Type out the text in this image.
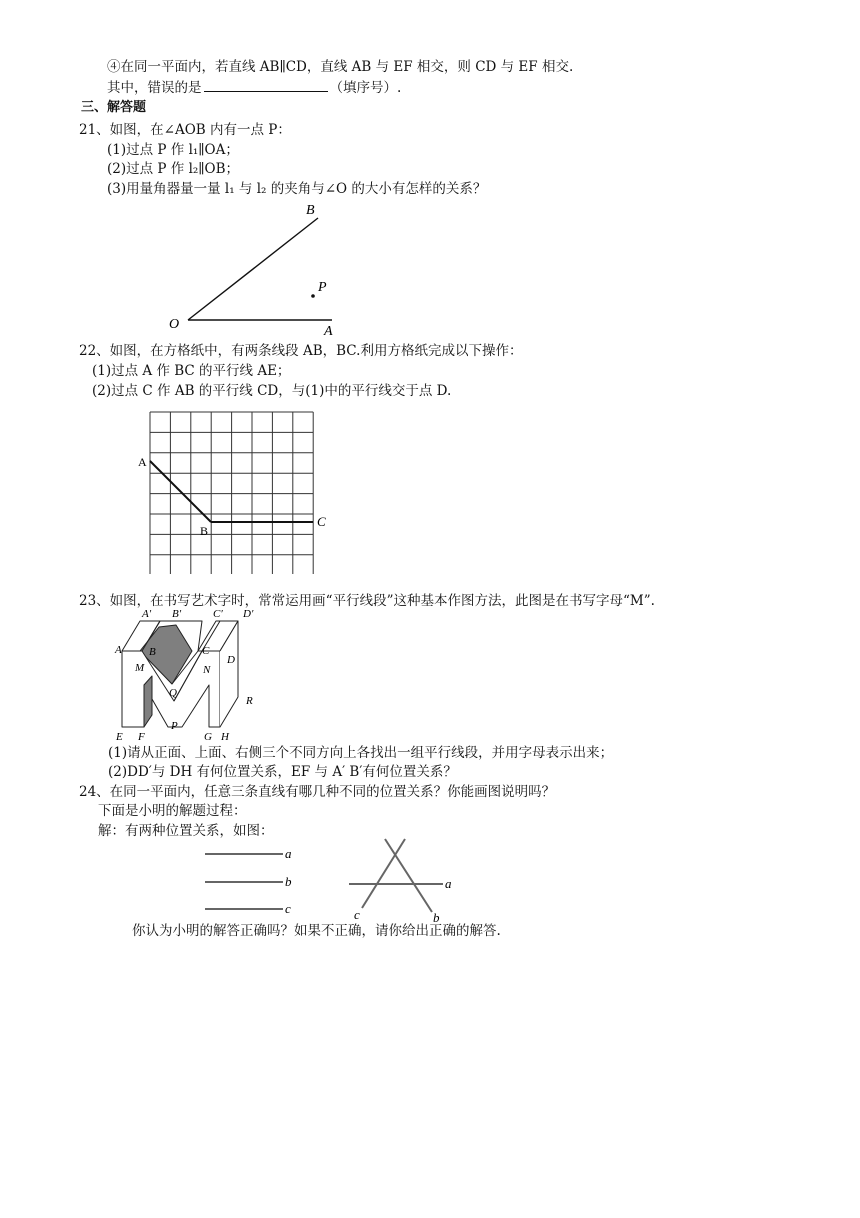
④在同一平面内，若直线 AB∥CD，直线 AB 与 EF 相交，则 CD 与 EF 相交.
其中，错误的是	（填序号）.
三、解答题
21、如图，在∠AOB 内有一点 P：
(1)过点 P 作 l₁∥OA；
(2)过点 P 作 l₂∥OB；
(3)用量角器量一量 l₁ 与 l₂ 的夹角与∠O 的大小有怎样的关系？
B
P
O	A
22、如图，在方格纸中，有两条线段 AB，BC.利用方格纸完成以下操作：
(1)过点 A 作 BC 的平行线 AE；
(2)过点 C 作 AB 的平行线 CD，与(1)中的平行线交于点 D.
A
B
C
23、如图，在书写艺术字时，常常运用画“平行线段”这种基本作图方法，此图是在书写字母“M”.
A′ B′	C′ D′
A B	C
D
M	N
Q
P
R
E F	G H
(1)请从正面、上面、右侧三个不同方向上各找出一组平行线段，并用字母表示出来；
(2)DD′与 DH 有何位置关系，EF 与 A′ B′有何位置关系？
24、在同一平面内，任意三条直线有哪几种不同的位置关系？你能画图说明吗？
下面是小明的解题过程：
解：有两种位置关系，如图：
a
b
c
a
c	b
你认为小明的解答正确吗？如果不正确，请你给出正确的解答.
